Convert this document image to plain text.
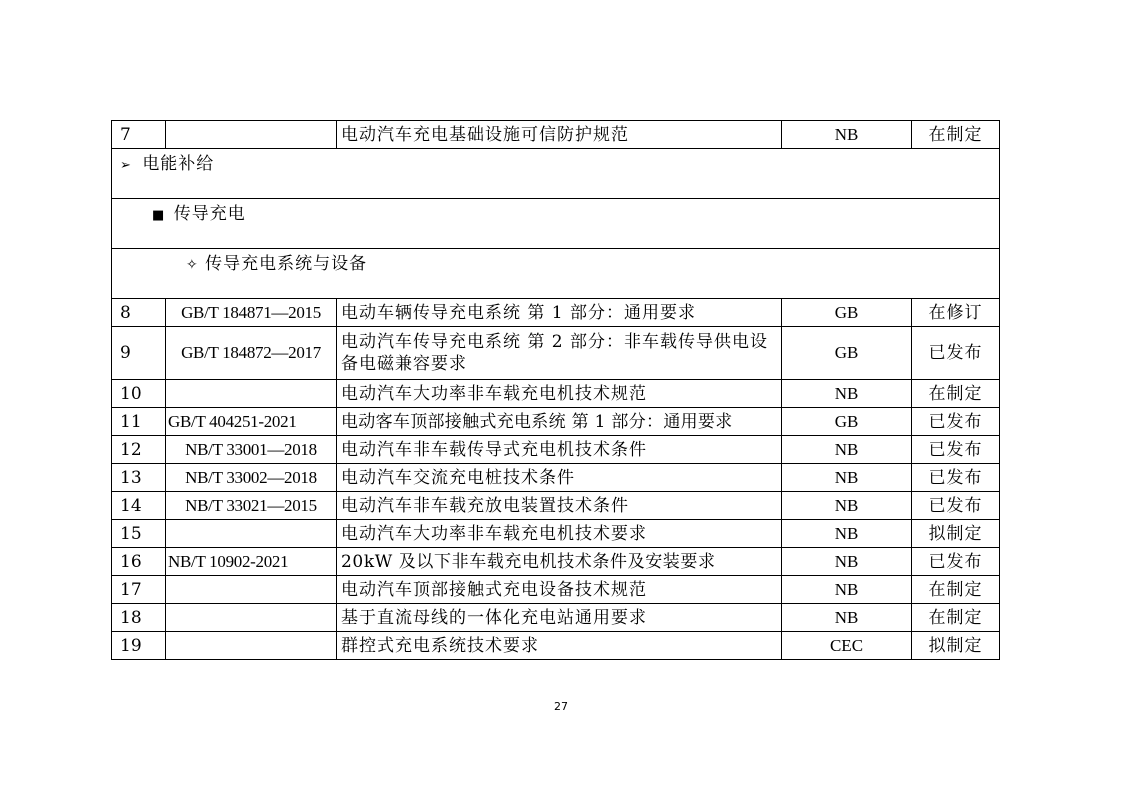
7		电动汽车充电基础设施可信防护规范	NB	在制定
➢ 电能补给				
■ 传导充电				
✧ 传导充电系统与设备				
8	GB/T 184871—2015	电动车辆传导充电系统 第 1 部分：通用要求	GB	在修订
9	GB/T 184872—2017	电动汽车传导充电系统 第 2 部分：非车载传导供电设备电磁兼容要求	GB	已发布
10		电动汽车大功率非车载充电机技术规范	NB	在制定
11	GB/T 404251-2021	电动客车顶部接触式充电系统 第 1 部分：通用要求	GB	已发布
12	NB/T 33001—2018	电动汽车非车载传导式充电机技术条件	NB	已发布
13	NB/T 33002—2018	电动汽车交流充电桩技术条件	NB	已发布
14	NB/T 33021—2015	电动汽车非车载充放电装置技术条件	NB	已发布
15		电动汽车大功率非车载充电机技术要求	NB	拟制定
16	NB/T 10902-2021	20kW 及以下非车载充电机技术条件及安装要求	NB	已发布
17		电动汽车顶部接触式充电设备技术规范	NB	在制定
18		基于直流母线的一体化充电站通用要求	NB	在制定
19		群控式充电系统技术要求	CEC	拟制定
27
